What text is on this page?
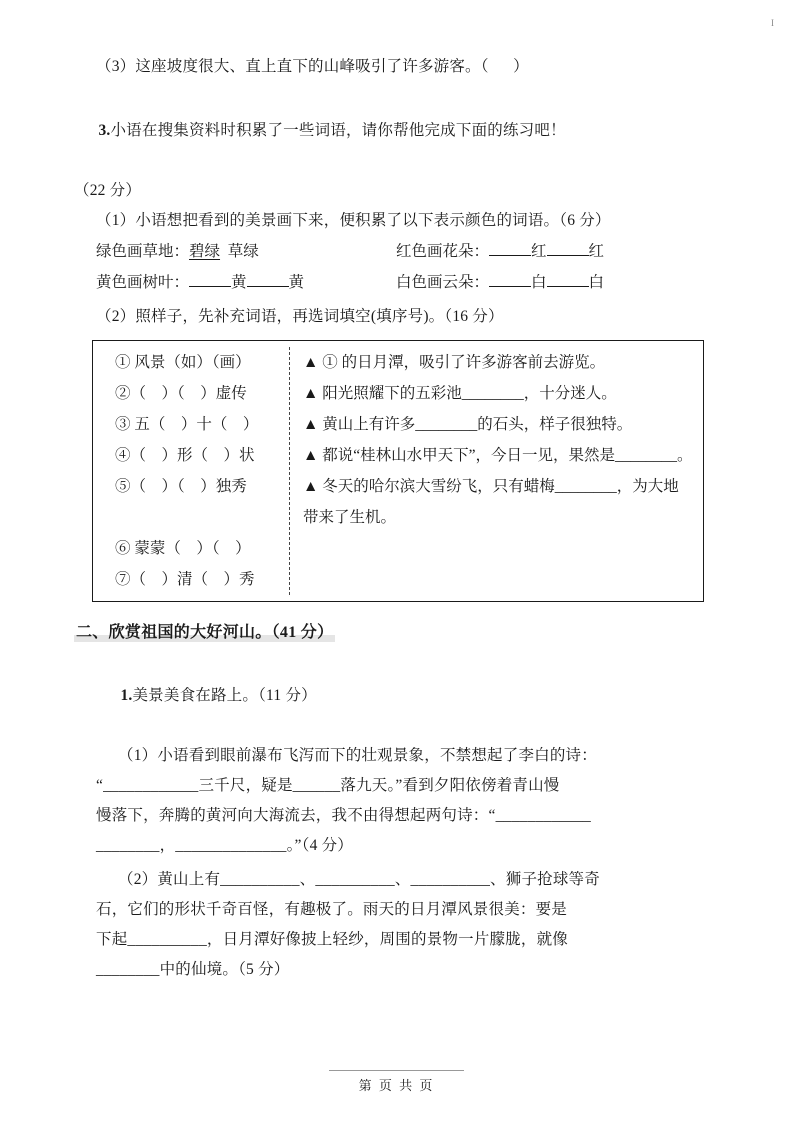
I
（3）这座坡度很大、直上直下的山峰吸引了许多游客。（      ）

3.小语在搜集资料时积累了一些词语，请你帮他完成下面的练习吧！

（22 分）
（1）小语想把看到的美景画下来，便积累了以下表示颜色的词语。（6 分）
绿色画草地：碧绿 草绿	红色画花朵：	红	红
黄色画树叶：	黄	黄	白色画云朵：	白	白
（2）照样子，先补充词语，再选词填空(填序号)。（16 分）
① 风景（如）（画）	▲ ① 的日月潭，吸引了许多游客前去游览。
②（    ）（    ）虚传	▲ 阳光照耀下的五彩池________，十分迷人。
③ 五（    ）十（    ）	▲ 黄山上有许多________的石头，样子很独特。
④（    ）形（    ）状	▲ 都说“桂林山水甲天下”，今日一见，果然是________。
⑤（    ）（    ）独秀	▲ 冬天的哈尔滨大雪纷飞，只有蜡梅________，为大地带来了生机。
⑥ 蒙蒙（    ）（    ）
⑦（    ）清（    ）秀
二、欣赏祖国的大好河山。（41 分）

1.美景美食在路上。（11 分）

（1）小语看到眼前瀑布飞泻而下的壮观景象，不禁想起了李白的诗：
“____________三千尺，疑是______落九天。”看到夕阳依傍着青山慢
慢落下，奔腾的黄河向大海流去，我不由得想起两句诗：“____________
________，______________。”（4 分）
（2）黄山上有__________、__________、__________、狮子抢球等奇
石，它们的形状千奇百怪，有趣极了。雨天的日月潭风景很美：要是
下起__________，日月潭好像披上轻纱，周围的景物一片朦胧，就像
________中的仙境。（5 分）
第 页 共 页
